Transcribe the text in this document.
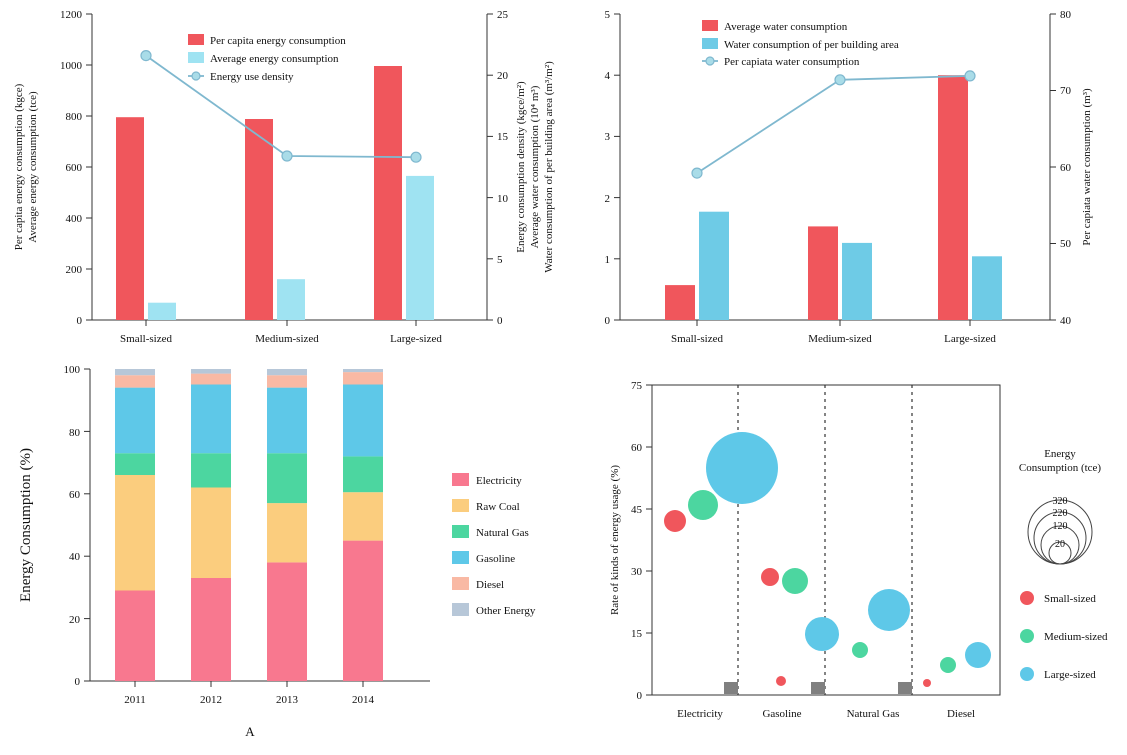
0
200
400
600
800
1000
1200
0
5
10
15
20
25
Small-sized	Medium-sized	Large-sized
Per capita energy consumption (kgce) Average energy consumption (tce)	Energy consumption density (kgce/m²) Average water consumption (10⁴ m³) Water consumption of per building area (m³/m²)
Per capita energy consumption
Average energy consumption
Energy use density
0
1
2
3
4
5
40
50
60
70
80
Small-sized	Medium-sized	Large-sized
Per capiata water consumption (m³)
Average water consumption
Water consumption of per building area
Per capiata water consumption
0
20
40
60
80
100
2011	2012	2013	2014
Energy Consumption (%)
A
Electricity
Raw Coal
Natural Gas
Gasoline
Diesel
Other Energy
0
15
30
45
60
75
Electricity	Gasoline	Natural Gas	Diesel
Rate of kinds of energy usage (%)
Energy
Consumption (tce)
320
220
120
20
Small-sized
Medium-sized
Large-sized
